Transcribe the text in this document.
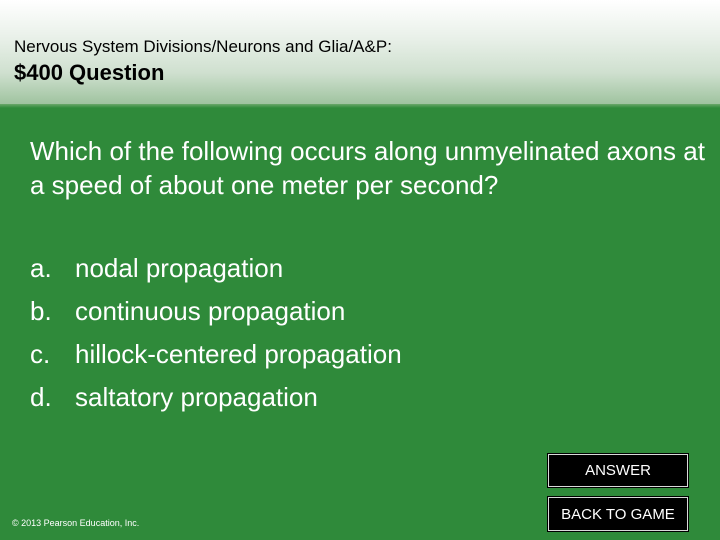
Nervous System Divisions/Neurons and Glia/A&P:
$400 Question
Which of the following occurs along unmyelinated axons at a speed of about one meter per second?
a. nodal propagation
b. continuous propagation
c. hillock-centered propagation
d. saltatory propagation
ANSWER
BACK TO GAME
© 2013 Pearson Education, Inc.
